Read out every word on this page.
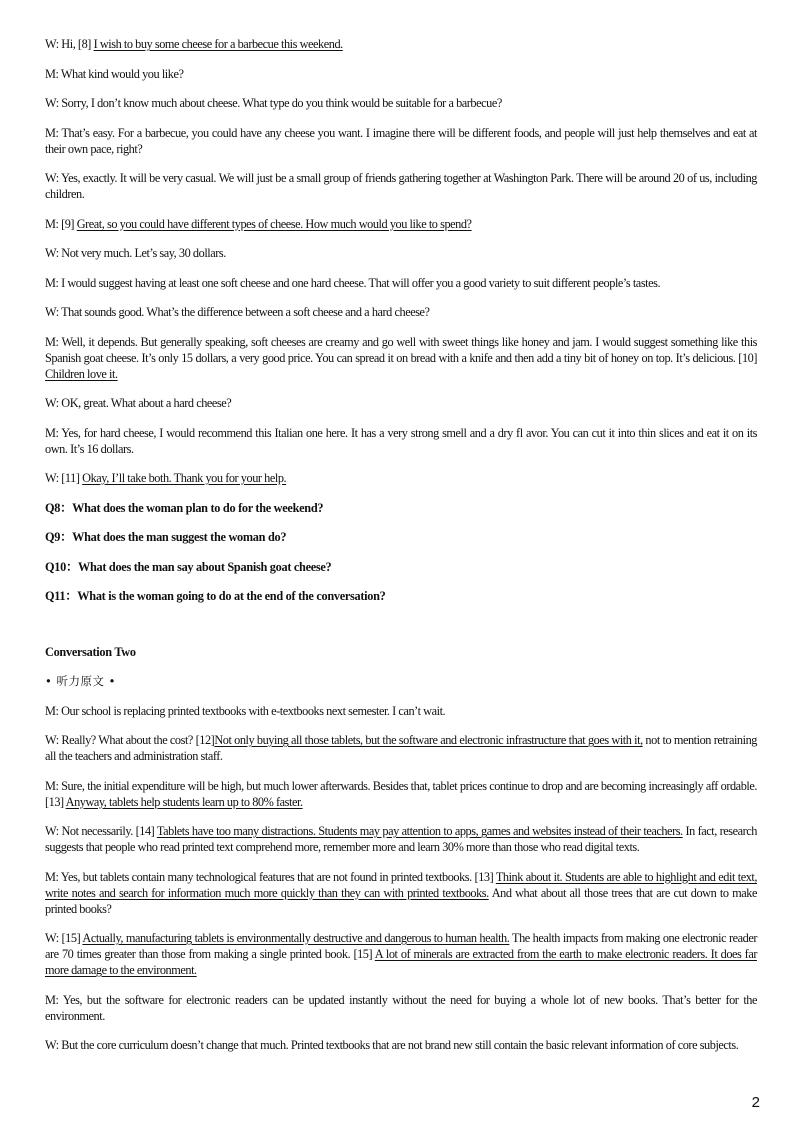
W: Hi, [8] I wish to buy some cheese for a barbecue this weekend.
M: What kind would you like?
W: Sorry, I don’t know much about cheese. What type do you think would be suitable for a barbecue?
M: That’s easy. For a barbecue, you could have any cheese you want. I imagine there will be different foods, and people will just help themselves and eat at their own pace, right?
W: Yes, exactly. It will be very casual. We will just be a small group of friends gathering together at Washington Park. There will be around 20 of us, including children.
M: [9] Great, so you could have different types of cheese. How much would you like to spend?
W: Not very much. Let’s say, 30 dollars.
M: I would suggest having at least one soft cheese and one hard cheese. That will offer you a good variety to suit different people’s tastes.
W: That sounds good. What’s the difference between a soft cheese and a hard cheese?
M: Well, it depends. But generally speaking, soft cheeses are creamy and go well with sweet things like honey and jam. I would suggest something like this Spanish goat cheese. It’s only 15 dollars, a very good price. You can spread it on bread with a knife and then add a tiny bit of honey on top. It’s delicious. [10] Children love it.
W: OK, great. What about a hard cheese?
M: Yes, for hard cheese, I would recommend this Italian one here. It has a very strong smell and a dry fl avor. You can cut it into thin slices and eat it on its own. It’s 16 dollars.
W: [11] Okay, I’ll take both. Thank you for your help.
Q8：What does the woman plan to do for the weekend?
Q9：What does the man suggest the woman do?
Q10：What does the man say about Spanish goat cheese?
Q11：What is the woman going to do at the end of the conversation?
Conversation Two
• 听力原文 •
M: Our school is replacing printed textbooks with e-textbooks next semester. I can’t wait.
W: Really? What about the cost? [12]Not only buying all those tablets, but the software and electronic infrastructure that goes with it, not to mention retraining all the teachers and administration staff.
M: Sure, the initial expenditure will be high, but much lower afterwards. Besides that, tablet prices continue to drop and are becoming increasingly aff ordable. [13] Anyway, tablets help students learn up to 80% faster.
W: Not necessarily. [14] Tablets have too many distractions. Students may pay attention to apps, games and websites instead of their teachers. In fact, research suggests that people who read printed text comprehend more, remember more and learn 30% more than those who read digital texts.
M: Yes, but tablets contain many technological features that are not found in printed textbooks. [13] Think about it. Students are able to highlight and edit text, write notes and search for information much more quickly than they can with printed textbooks. And what about all those trees that are cut down to make printed books?
W: [15] Actually, manufacturing tablets is environmentally destructive and dangerous to human health. The health impacts from making one electronic reader are 70 times greater than those from making a single printed book. [15] A lot of minerals are extracted from the earth to make electronic readers. It does far more damage to the environment.
M: Yes, but the software for electronic readers can be updated instantly without the need for buying a whole lot of new books. That’s better for the environment.
W: But the core curriculum doesn’t change that much. Printed textbooks that are not brand new still contain the basic relevant information of core subjects.
2
